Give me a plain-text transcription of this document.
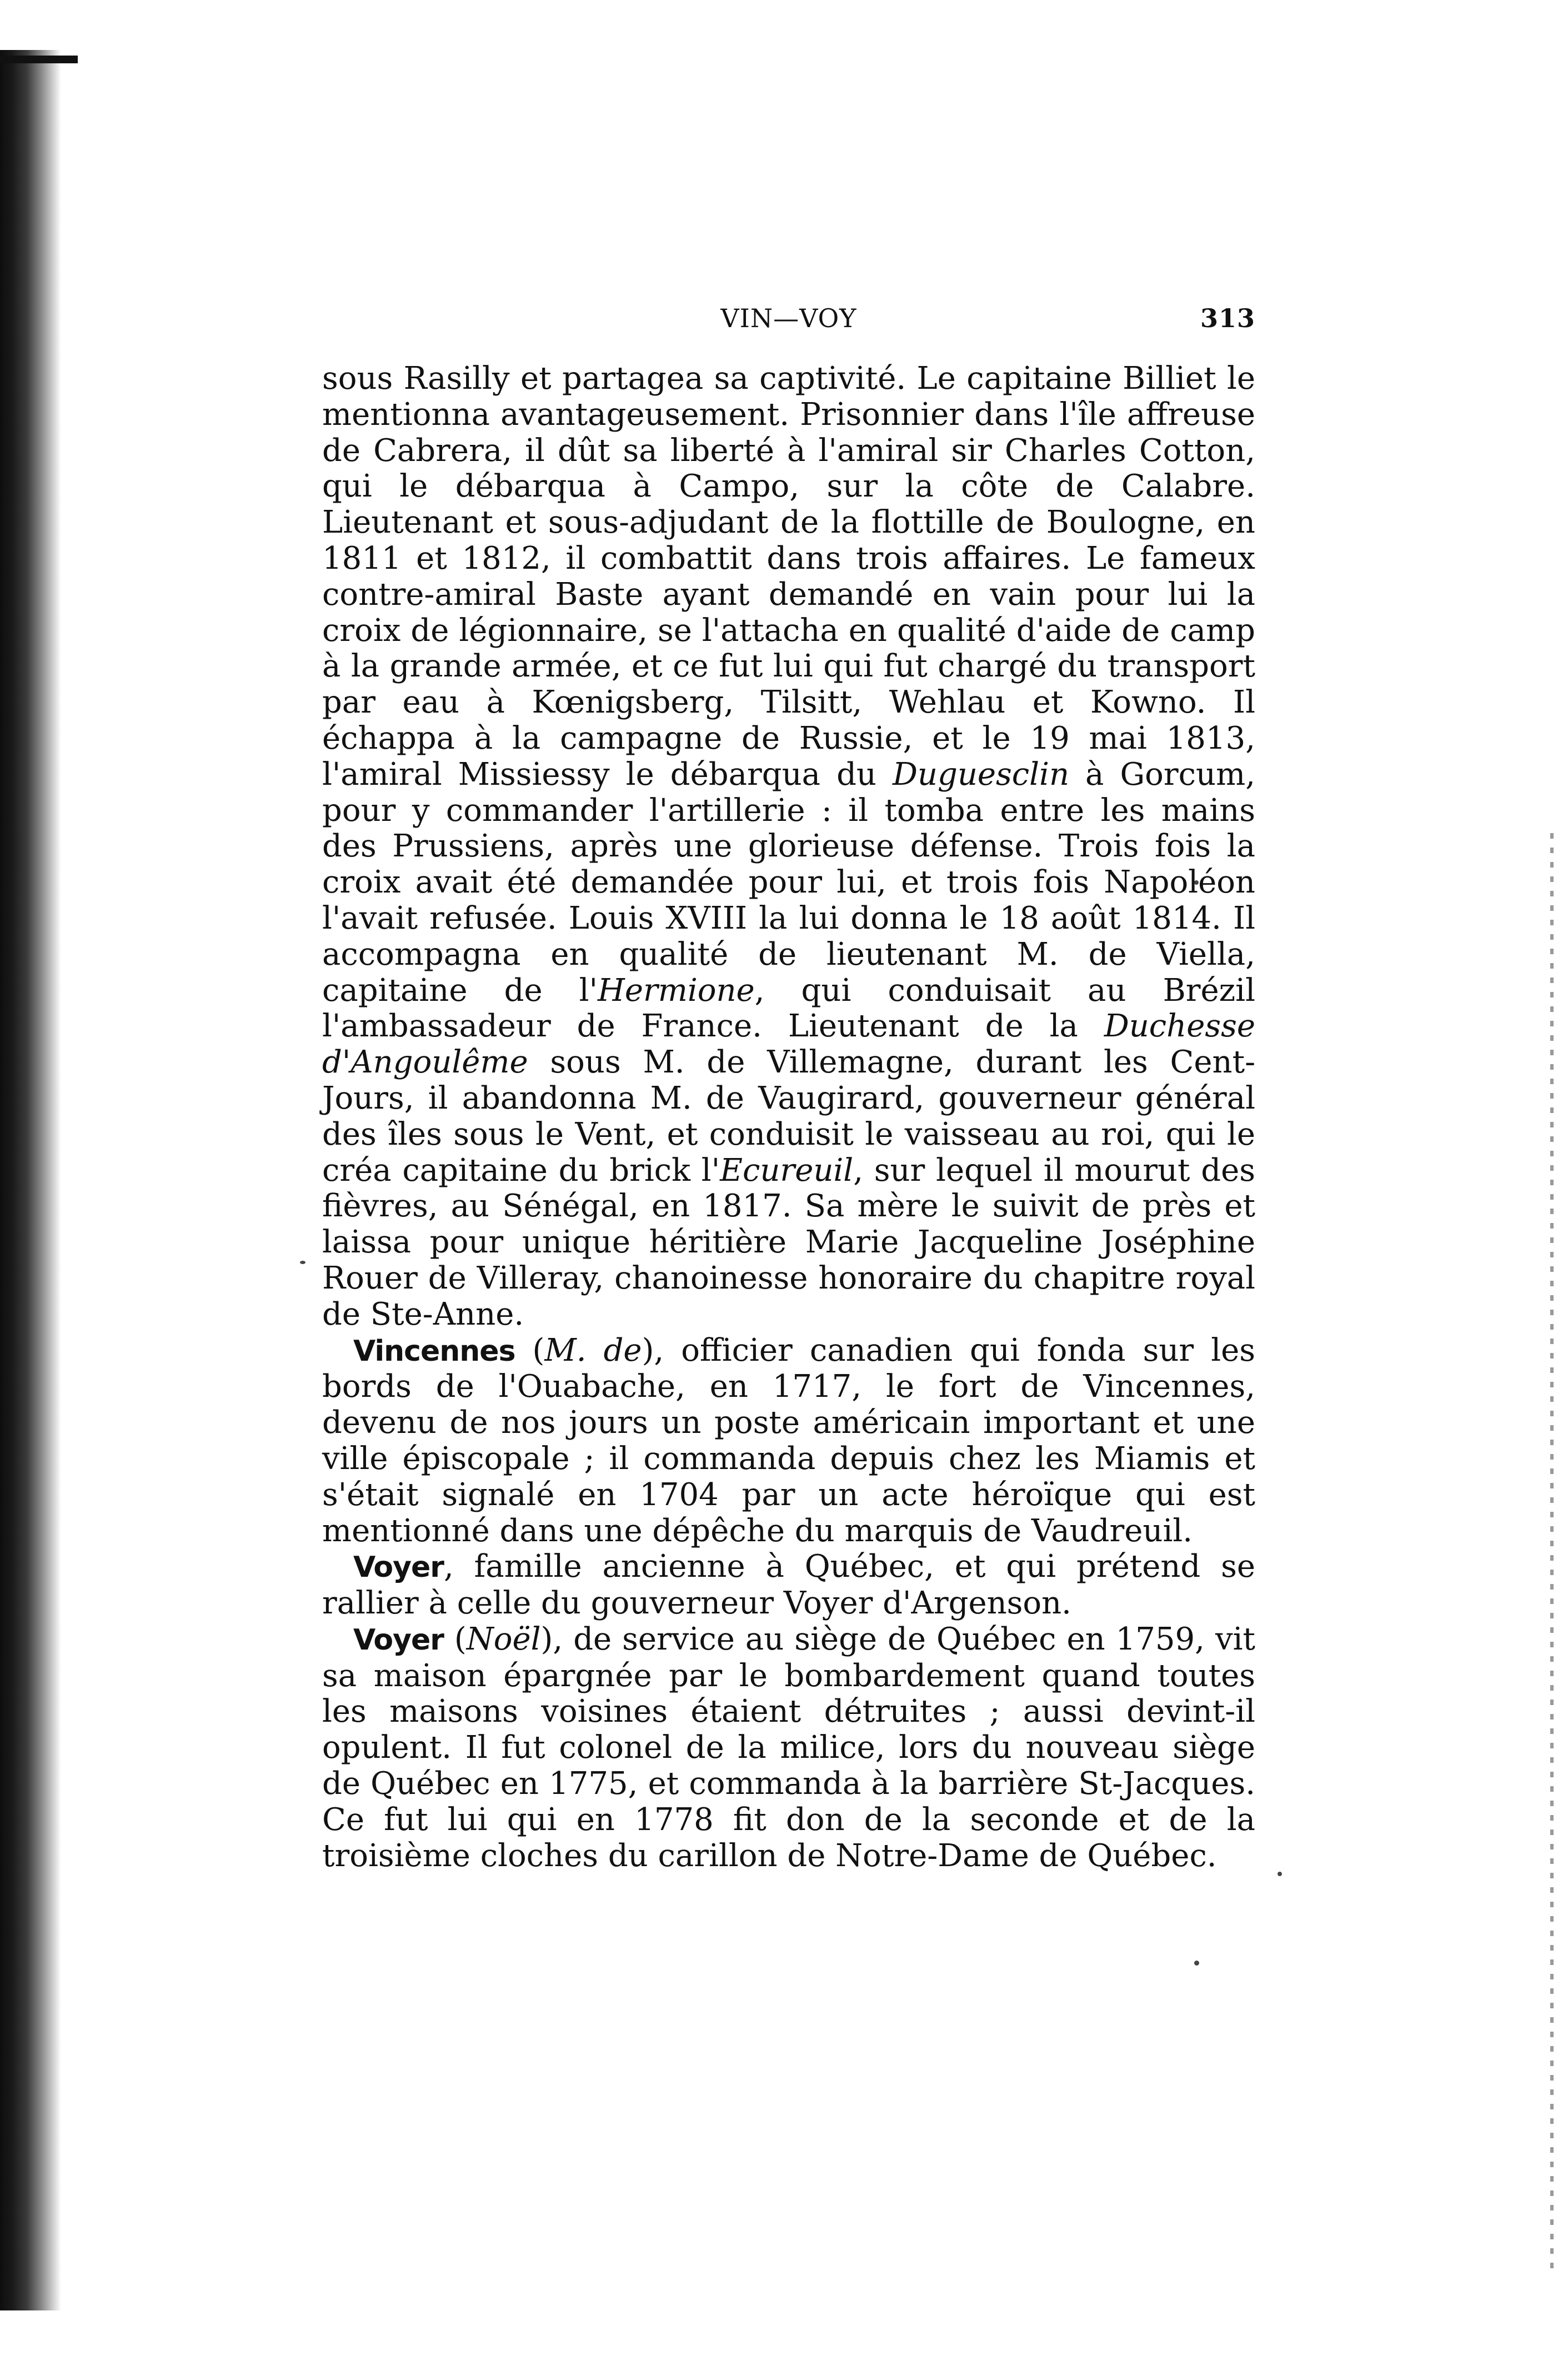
VIN—VOY	313

sous Rasilly et partagea sa captivité. Le capitaine Billiet le mentionna avantageusement. Prisonnier dans l'île affreuse de Cabrera, il dût sa liberté à l'amiral sir Charles Cotton, qui le débarqua à Campo, sur la côte de Calabre. Lieutenant et sous-adjudant de la flottille de Boulogne, en 1811 et 1812, il combattit dans trois affaires. Le fameux contre-amiral Baste ayant demandé en vain pour lui la croix de légionnaire, se l'attacha en qualité d'aide de camp à la grande armée, et ce fut lui qui fut chargé du transport par eau à Kœnigsberg, Tilsitt, Wehlau et Kowno. Il échappa à la campagne de Russie, et le 19 mai 1813, l'amiral Missiessy le débarqua du Duguesclin à Gorcum, pour y commander l'artillerie : il tomba entre les mains des Prussiens, après une glorieuse défense. Trois fois la croix avait été demandée pour lui, et trois fois Napoléon l'avait refusée. Louis XVIII la lui donna le 18 août 1814. Il accompagna en qualité de lieutenant M. de Viella, capitaine de l'Hermione, qui conduisait au Brézil l'ambassadeur de France. Lieutenant de la Duchesse d'Angoulême sous M. de Villemagne, durant les Cent-Jours, il abandonna M. de Vaugirard, gouverneur général des îles sous le Vent, et conduisit le vaisseau au roi, qui le créa capitaine du brick l'Ecureuil, sur lequel il mourut des fièvres, au Sénégal, en 1817. Sa mère le suivit de près et laissa pour unique héritière Marie Jacqueline Joséphine Rouer de Villeray, chanoinesse honoraire du chapitre royal de Ste-Anne.

Vincennes (M. de), officier canadien qui fonda sur les bords de l'Ouabache, en 1717, le fort de Vincennes, devenu de nos jours un poste américain important et une ville épiscopale ; il commanda depuis chez les Miamis et s'était signalé en 1704 par un acte héroïque qui est mentionné dans une dépêche du marquis de Vaudreuil.

Voyer, famille ancienne à Québec, et qui prétend se rallier à celle du gouverneur Voyer d'Argenson.

Voyer (Noël), de service au siège de Québec en 1759, vit sa maison épargnée par le bombardement quand toutes les maisons voisines étaient détruites ; aussi devint-il opulent. Il fut colonel de la milice, lors du nouveau siège de Québec en 1775, et commanda à la barrière St-Jacques. Ce fut lui qui en 1778 fit don de la seconde et de la troisième cloches du carillon de Notre-Dame de Québec.
